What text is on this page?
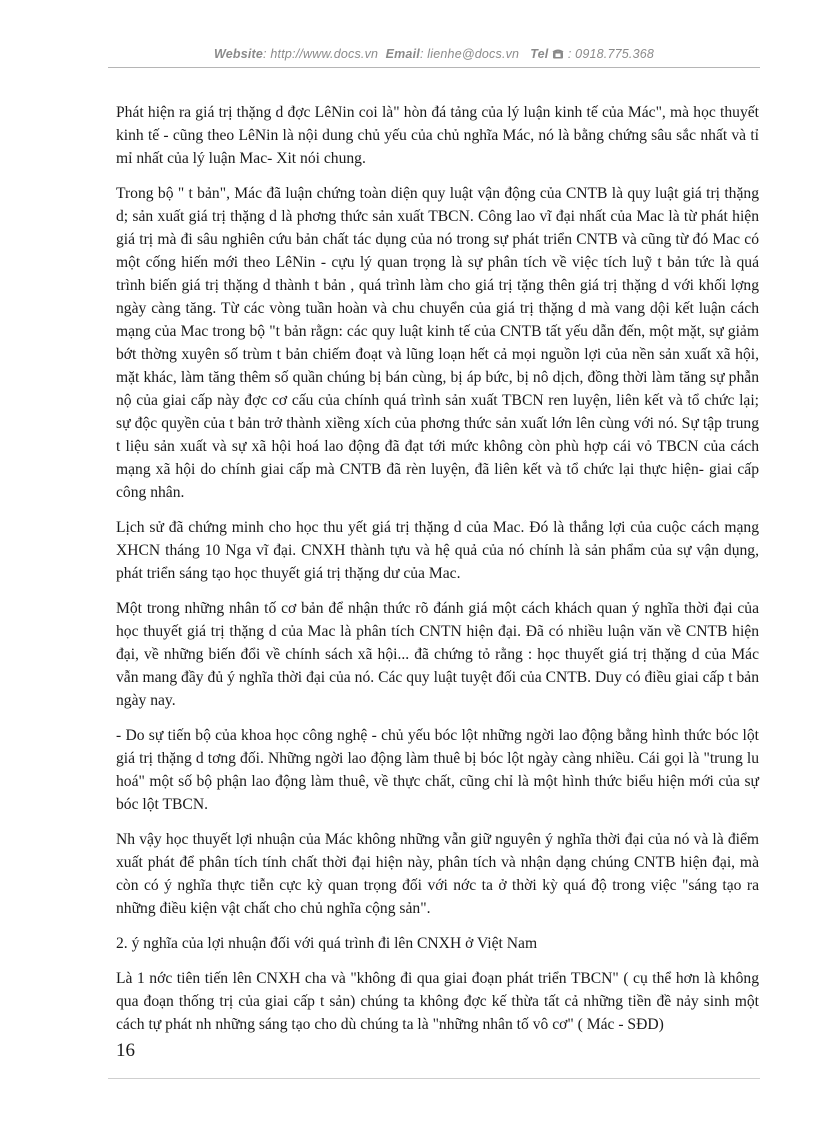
Website: http://www.docs.vn Email: lienhe@docs.vn Tel : 0918.775.368

Phát hiện ra giá trị thặng d đợc LêNin coi là" hòn đá tảng của lý luận kinh tế của Mác", mà học thuyết kinh tế - cũng theo LêNin là nội dung chủ yếu của chủ nghĩa Mác, nó là bằng chứng sâu sắc nhất và tỉ mỉ nhất của lý luận Mac- Xit nói chung.

Trong bộ " t bản", Mác đã luận chứng toàn diện quy luật vận động của CNTB là quy luật giá trị thặng d; sản xuất giá trị thặng d là phơng thức sản xuất TBCN. Công lao vĩ đại nhất của Mac là từ phát hiện giá trị mà đi sâu nghiên cứu bản chất tác dụng của nó trong sự phát triển CNTB và cũng từ đó Mac có một cống hiến mới theo LêNin - cựu lý quan trọng là sự phân tích về việc tích luỹ t bản tức là quá trình biến giá trị thặng d thành t bản , quá trình làm cho giá trị tặng thên giá trị thặng d với khối lợng ngày càng tăng. Từ các vòng tuần hoàn và chu chuyển của giá trị thặng d mà vang dội kết luận cách mạng của Mac trong bộ "t bản rằgn: các quy luật kinh tế của CNTB tất yếu dẫn đến, một mặt, sự giảm bớt thờng xuyên số trùm t bản chiếm đoạt và lũng loạn hết cả mọi nguồn lợi của nền sản xuất xã hội, mặt khác, làm tăng thêm số quần chúng bị bán cùng, bị áp bức, bị nô dịch, đồng thời làm tăng sự phẫn nộ của giai cấp này đợc cơ cấu của chính quá trình sản xuất TBCN ren luyện, liên kết và tổ chức lại; sự độc quyền của t bản trở thành xiềng xích của phơng thức sản xuất lớn lên cùng với nó. Sự tập trung t liệu sản xuất và sự xã hội hoá lao động đã đạt tới mức không còn phù hợp cái vỏ TBCN của cách mạng xã hội do chính giai cấp mà CNTB đã rèn luyện, đã liên kết và tổ chức lại thực hiện- giai cấp công nhân.

Lịch sử đã chứng minh cho học thu yết giá trị thặng d của Mac. Đó là thắng lợi của cuộc cách mạng XHCN tháng 10 Nga vĩ đại. CNXH thành tựu và hệ quả của nó chính là sản phẩm của sự vận dụng, phát triển sáng tạo học thuyết giá trị thặng dư của Mac.

Một trong những nhân tố cơ bản để nhận thức rõ đánh giá một cách khách quan ý nghĩa thời đại của học thuyết giá trị thặng d của Mac là phân tích CNTN hiện đại. Đã có nhiều luận văn về CNTB hiện đại, về những biến đổi về chính sách xã hội... đã chứng tỏ rằng : học thuyết giá trị thặng d của Mác vẫn mang đầy đủ ý nghĩa thời đại của nó. Các quy luật tuyệt đối của CNTB. Duy có điều giai cấp t bản ngày nay.

- Do sự tiến bộ của khoa học công nghệ - chủ yếu bóc lột những ngời lao động bằng hình thức bóc lột giá trị thặng d tơng đối. Những ngời lao động làm thuê bị bóc lột ngày càng nhiều. Cái gọi là "trung lu hoá" một số bộ phận lao động làm thuê, về thực chất, cũng chỉ là một hình thức biểu hiện mới của sự bóc lột TBCN.

Nh vậy học thuyết lợi nhuận của Mác không những vẫn giữ nguyên ý nghĩa thời đại của nó và là điểm xuất phát để phân tích tính chất thời đại hiện này, phân tích và nhận dạng chúng CNTB hiện đại, mà còn có ý nghĩa thực tiễn cực kỳ quan trọng đối với nớc ta ở thời kỳ quá độ trong việc "sáng tạo ra những điều kiện vật chất cho chủ nghĩa cộng sản".

2. ý nghĩa của lợi nhuận đối với quá trình đi lên CNXH ở Việt Nam

Là 1 nớc tiên tiến lên CNXH cha và "không đi qua giai đoạn phát triển TBCN" ( cụ thể hơn là không qua đoạn thống trị của giai cấp t sản) chúng ta không đợc kế thừa tất cả những tiền đề nảy sinh một cách tự phát nh những sáng tạo cho dù chúng ta là "những nhân tố vô cơ" ( Mác - SĐD)

16
